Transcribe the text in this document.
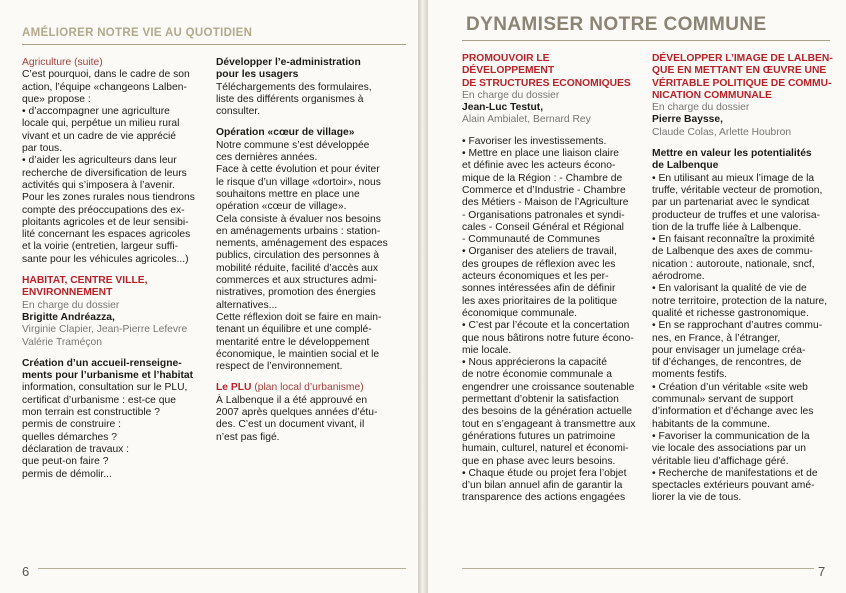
AMÉLIORER NOTRE VIE AU QUOTIDIEN

Agriculture (suite)

C’est pourquoi, dans le cadre de son

action, l’équipe «changeons Lalben-

que» propose :

• d’accompagner une agriculture

locale qui, perpétue un milieu rural

vivant et un cadre de vie apprécié

par tous.

• d’aider les agriculteurs dans leur

recherche de diversification de leurs

activités qui s’imposera à l’avenir.

Pour les zones rurales nous tiendrons

compte des préoccupations des ex-

ploitants agricoles et de leur sensibi-

lité concernant les espaces agricoles

et la voirie (entretien, largeur suffi-

sante pour les véhicules agricoles...)

HABITAT, CENTRE VILLE,

ENVIRONNEMENT

En charge du dossier

Brigitte Andréazza,

Virginie Clapier, Jean-Pierre Lefevre

Valérie Traméçon

Création d’un accueil-renseigne-

ments pour l’urbanisme et l’habitat

information, consultation sur le PLU,

certificat d’urbanisme : est-ce que

mon terrain est constructible ?

permis de construire :

quelles démarches ?

déclaration de travaux :

que peut-on faire ?

permis de démolir...

Développer l’e-administration

pour les usagers

Téléchargements des formulaires,

liste des différents organismes à

consulter.

Opération «cœur de village»

Notre commune s’est développée

ces dernières années.

Face à cette évolution et pour éviter

le risque d’un village «dortoir», nous

souhaitons mettre en place une

opération «cœur de village».

Cela consiste à évaluer nos besoins

en aménagements urbains : station-

nements, aménagement des espaces

publics, circulation des personnes à

mobilité réduite, facilité d’accès aux

commerces et aux structures admi-

nistratives, promotion des énergies

alternatives...

Cette réflexion doit se faire en main-

tenant un équilibre et une complé-

mentarité entre le développement

économique, le maintien social et le

respect de l’environnement.

Le PLU (plan local d’urbanisme)

À Lalbenque il a été approuvé en

2007 après quelques années d’étu-

des. C’est un document vivant, il

n’est pas figé.

6
DYNAMISER NOTRE COMMUNE

PROMOUVOIR LE DÉVELOPPEMENT

DE STRUCTURES ECONOMIQUES

En charge du dossier

Jean-Luc Testut,

Alain Ambialet, Bernard Rey

• Favoriser les investissements.

• Mettre en place une liaison claire

et définie avec les acteurs écono-

mique de la Région : - Chambre de

Commerce et d’Industrie - Chambre

des Métiers - Maison de l’Agriculture

- Organisations patronales et syndi-

cales - Conseil Général et Régional

- Communauté de Communes

• Organiser des ateliers de travail,

des groupes de réflexion avec les

acteurs économiques et les per-

sonnes intéressées afin de définir

les axes prioritaires de la politique

économique communale.

• C’est par l’écoute et la concertation

que nous bâtirons notre future écono-

mie locale.

• Nous apprécierons la capacité

de notre économie communale a

engendrer une croissance soutenable

permettant d’obtenir la satisfaction

des besoins de la génération actuelle

tout en s’engageant à transmettre aux

générations futures un patrimoine

humain, culturel, naturel et économi-

que en phase avec leurs besoins.

• Chaque étude ou projet fera l’objet

d’un bilan annuel afin de garantir la

transparence des actions engagées

DÉVELOPPER L’IMAGE DE LALBEN-

QUE EN METTANT EN ŒUVRE UNE

VÉRITABLE POLITIQUE DE COMMU-

NICATION COMMUNALE

En charge du dossier

Pierre Baysse,

Claude Colas, Arlette Houbron

Mettre en valeur les potentialités

de Lalbenque

• En utilisant au mieux l’image de la

truffe, véritable vecteur de promotion,

par un partenariat avec le syndicat

producteur de truffes et une valorisa-

tion de la truffe liée à Lalbenque.

• En faisant reconnaître la proximité

de Lalbenque des axes de commu-

nication : autoroute, nationale, sncf,

aérodrome.

• En valorisant la qualité de vie de

notre territoire, protection de la nature,

qualité et richesse gastronomique.

• En se rapprochant d’autres commu-

nes, en France, à l’étranger,

pour envisager un jumelage créa-

tif d’échanges, de rencontres, de

moments festifs.

• Création d’un véritable «site web

communal» servant de support

d’information et d’échange avec les

habitants de la commune.

• Favoriser la communication de la

vie locale des associations par un

véritable lieu d’affichage géré.

• Recherche de manifestations et de

spectacles extérieurs pouvant amé-

liorer la vie de tous.

7
